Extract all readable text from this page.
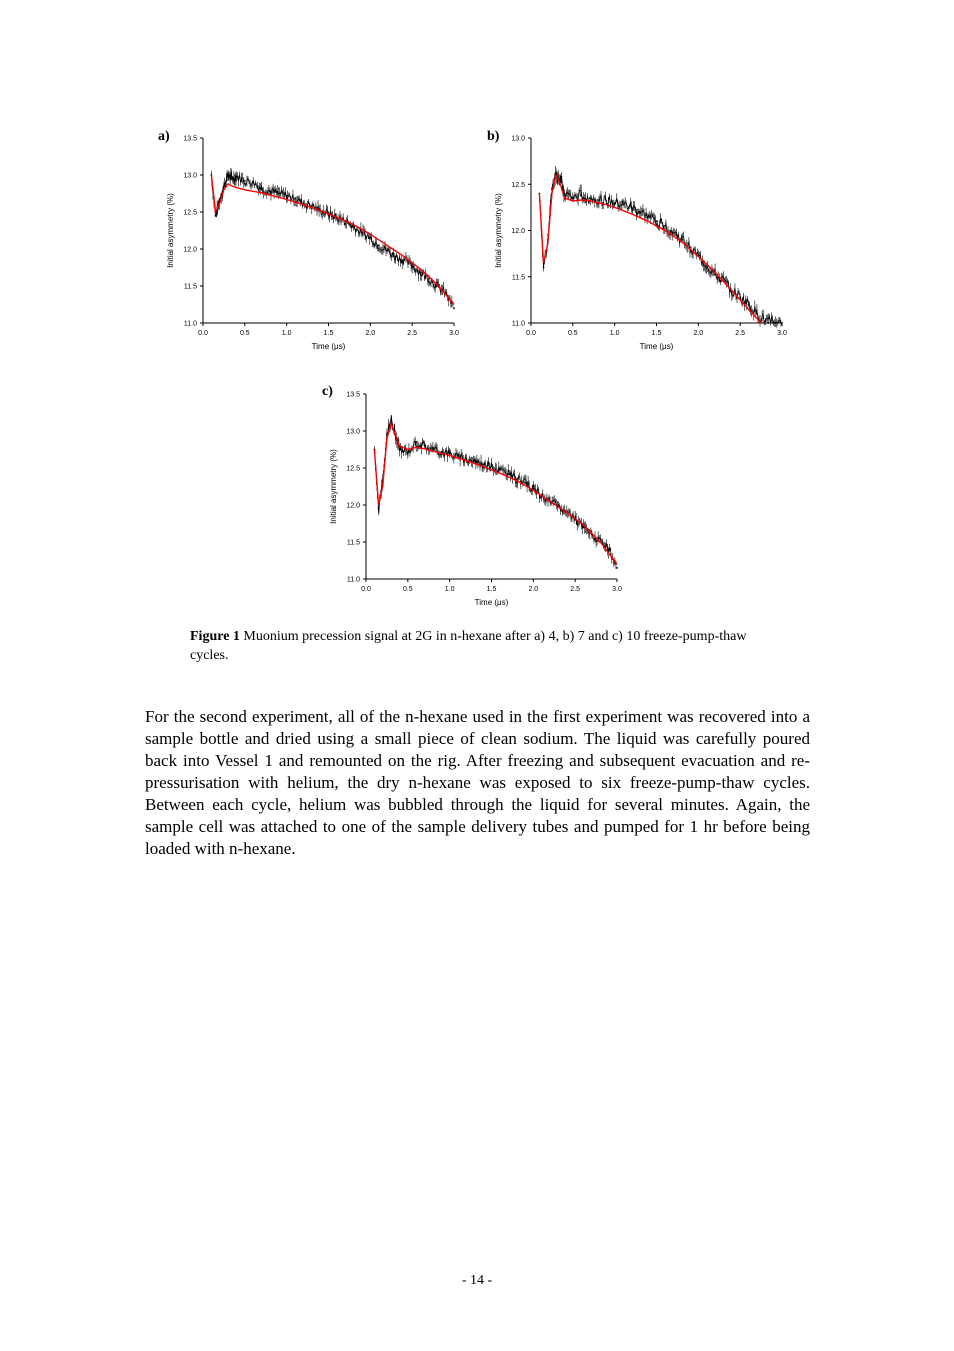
a)	b)
c)
0.0	0.5	1.0	1.5	2.0	2.5	3.0
11.0
11.5
12.0
12.5
13.0
13.5
Time (μs)
Initial asymmetry (%)
0.0	0.5	1.0	1.5	2.0	2.5	3.0
11.0
11.5
12.0
12.5
13.0
Time (μs)
Initial asymmetry (%)
0.0	0.5	1.0	1.5	2.0	2.5	3.0
11.0
11.5
12.0
12.5
13.0
13.5
Time (μs)
Initial asymmetry (%)
Figure 1 Muonium precession signal at 2G in n-hexane after a) 4, b) 7 and c) 10 freeze-pump-thaw cycles.
For the second experiment, all of the n-hexane used in the first experiment was recovered into a sample bottle and dried using a small piece of clean sodium. The liquid was carefully poured back into Vessel 1 and remounted on the rig. After freezing and subsequent evacuation and re-pressurisation with helium, the dry n-hexane was exposed to six freeze-pump-thaw cycles. Between each cycle, helium was bubbled through the liquid for several minutes. Again, the sample cell was attached to one of the sample delivery tubes and pumped for 1 hr before being loaded with n-hexane.
- 14 -
